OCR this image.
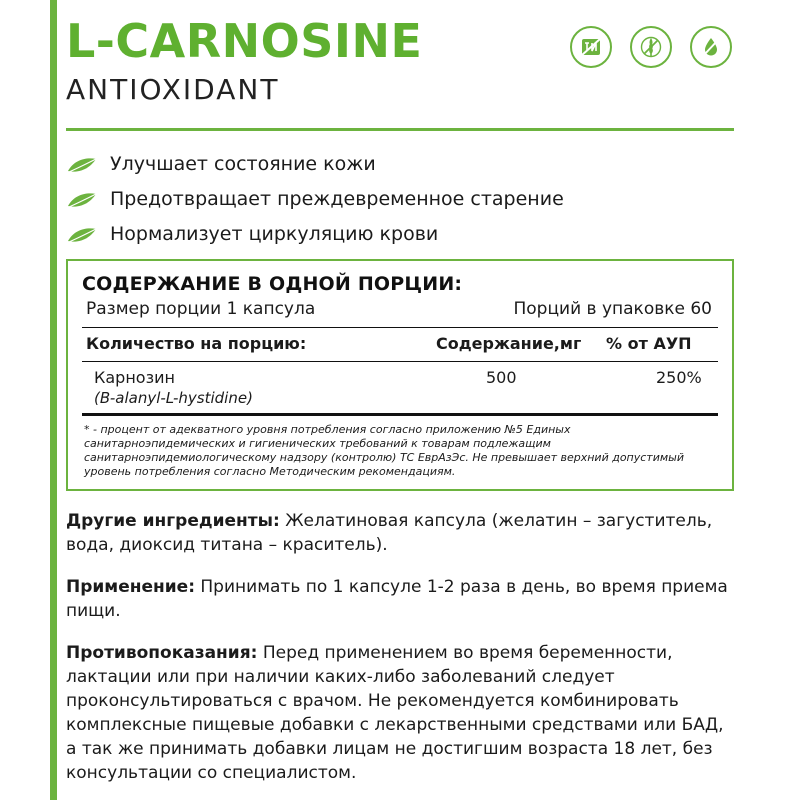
L-CARNOSINE
ANTIOXIDANT
Улучшает состояние кожи
Предотвращает преждевременное старение
Нормализует циркуляцию крови
СОДЕРЖАНИЕ В ОДНОЙ ПОРЦИИ:
Размер порции 1 капсула	Порций в упаковке 60
Количество на порцию:	Содержание,мг	% от АУП
Карнозин	500	250%
(B-alanyl-L-hystidine)
* - процент от адекватного уровня потребления согласно приложению №5 Единых санитарноэпидемических и гигиенических требований к товарам подлежащим санитарноэпидемиологическому надзору (контролю) ТС ЕврАзЭс. Не превышает верхний допустимый уровень потребления согласно Методическим рекомендациям.
Другие ингредиенты: Желатиновая капсула (желатин – загуститель, вода, диоксид титана – краситель).
Применение: Принимать по 1 капсуле 1-2 раза в день, во время приема пищи.
Противопоказания: Перед применением во время беременности, лактации или при наличии каких-либо заболеваний следует проконсультироваться с врачом. Не рекомендуется комбинировать комплексные пищевые добавки с лекарственными средствами или БАД, а так же принимать добавки лицам не достигшим возраста 18 лет, без консультации со специалистом.
